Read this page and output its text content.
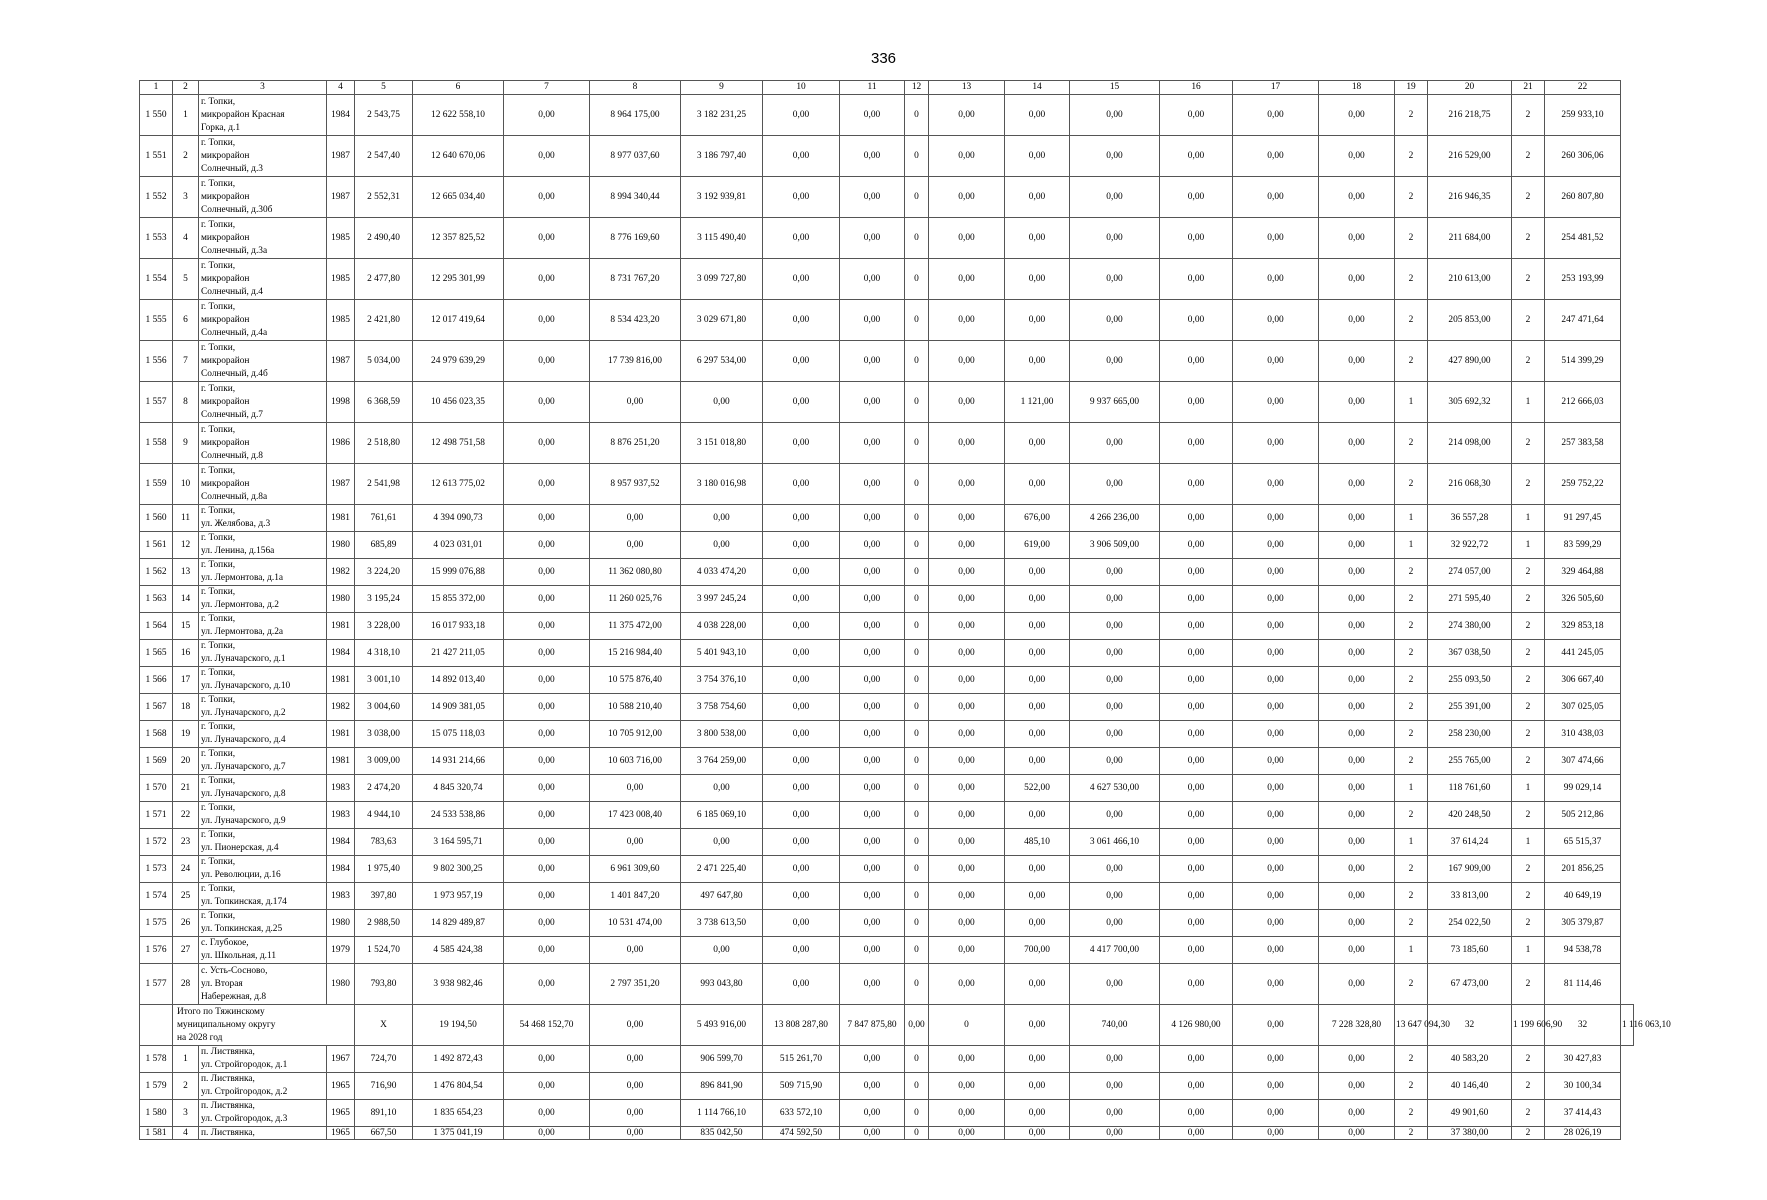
336
1	2	3	4	5	6	7	8	9	10	11	12	13	14	15	16	17	18	19	20	21	22	
1 550	1	г. Топки,
микрорайон Красная
Горка, д.1	1984	2 543,75	12 622 558,10	0,00	8 964 175,00	3 182 231,25	0,00	0,00	0	0,00	0,00	0,00	0,00	0,00	0,00	2	216 218,75	2	259 933,10	
1 551	2	г. Топки,
микрорайон
Солнечный, д.3	1987	2 547,40	12 640 670,06	0,00	8 977 037,60	3 186 797,40	0,00	0,00	0	0,00	0,00	0,00	0,00	0,00	0,00	2	216 529,00	2	260 306,06	
1 552	3	г. Топки,
микрорайон
Солнечный, д.30б	1987	2 552,31	12 665 034,40	0,00	8 994 340,44	3 192 939,81	0,00	0,00	0	0,00	0,00	0,00	0,00	0,00	0,00	2	216 946,35	2	260 807,80	
1 553	4	г. Топки,
микрорайон
Солнечный, д.3а	1985	2 490,40	12 357 825,52	0,00	8 776 169,60	3 115 490,40	0,00	0,00	0	0,00	0,00	0,00	0,00	0,00	0,00	2	211 684,00	2	254 481,52	
1 554	5	г. Топки,
микрорайон
Солнечный, д.4	1985	2 477,80	12 295 301,99	0,00	8 731 767,20	3 099 727,80	0,00	0,00	0	0,00	0,00	0,00	0,00	0,00	0,00	2	210 613,00	2	253 193,99	
1 555	6	г. Топки,
микрорайон
Солнечный, д.4а	1985	2 421,80	12 017 419,64	0,00	8 534 423,20	3 029 671,80	0,00	0,00	0	0,00	0,00	0,00	0,00	0,00	0,00	2	205 853,00	2	247 471,64	
1 556	7	г. Топки,
микрорайон
Солнечный, д.4б	1987	5 034,00	24 979 639,29	0,00	17 739 816,00	6 297 534,00	0,00	0,00	0	0,00	0,00	0,00	0,00	0,00	0,00	2	427 890,00	2	514 399,29	
1 557	8	г. Топки,
микрорайон
Солнечный, д.7	1998	6 368,59	10 456 023,35	0,00	0,00	0,00	0,00	0,00	0	0,00	1 121,00	9 937 665,00	0,00	0,00	0,00	1	305 692,32	1	212 666,03	
1 558	9	г. Топки,
микрорайон
Солнечный, д.8	1986	2 518,80	12 498 751,58	0,00	8 876 251,20	3 151 018,80	0,00	0,00	0	0,00	0,00	0,00	0,00	0,00	0,00	2	214 098,00	2	257 383,58	
1 559	10	г. Топки,
микрорайон
Солнечный, д.8а	1987	2 541,98	12 613 775,02	0,00	8 957 937,52	3 180 016,98	0,00	0,00	0	0,00	0,00	0,00	0,00	0,00	0,00	2	216 068,30	2	259 752,22	
1 560	11	г. Топки,
ул. Желябова, д.3	1981	761,61	4 394 090,73	0,00	0,00	0,00	0,00	0,00	0	0,00	676,00	4 266 236,00	0,00	0,00	0,00	1	36 557,28	1	91 297,45	
1 561	12	г. Топки,
ул. Ленина, д.156а	1980	685,89	4 023 031,01	0,00	0,00	0,00	0,00	0,00	0	0,00	619,00	3 906 509,00	0,00	0,00	0,00	1	32 922,72	1	83 599,29	
1 562	13	г. Топки,
ул. Лермонтова, д.1а	1982	3 224,20	15 999 076,88	0,00	11 362 080,80	4 033 474,20	0,00	0,00	0	0,00	0,00	0,00	0,00	0,00	0,00	2	274 057,00	2	329 464,88	
1 563	14	г. Топки,
ул. Лермонтова, д.2	1980	3 195,24	15 855 372,00	0,00	11 260 025,76	3 997 245,24	0,00	0,00	0	0,00	0,00	0,00	0,00	0,00	0,00	2	271 595,40	2	326 505,60	
1 564	15	г. Топки,
ул. Лермонтова, д.2а	1981	3 228,00	16 017 933,18	0,00	11 375 472,00	4 038 228,00	0,00	0,00	0	0,00	0,00	0,00	0,00	0,00	0,00	2	274 380,00	2	329 853,18	
1 565	16	г. Топки,
ул. Луначарского, д.1	1984	4 318,10	21 427 211,05	0,00	15 216 984,40	5 401 943,10	0,00	0,00	0	0,00	0,00	0,00	0,00	0,00	0,00	2	367 038,50	2	441 245,05	
1 566	17	г. Топки,
ул. Луначарского, д.10	1981	3 001,10	14 892 013,40	0,00	10 575 876,40	3 754 376,10	0,00	0,00	0	0,00	0,00	0,00	0,00	0,00	0,00	2	255 093,50	2	306 667,40	
1 567	18	г. Топки,
ул. Луначарского, д.2	1982	3 004,60	14 909 381,05	0,00	10 588 210,40	3 758 754,60	0,00	0,00	0	0,00	0,00	0,00	0,00	0,00	0,00	2	255 391,00	2	307 025,05	
1 568	19	г. Топки,
ул. Луначарского, д.4	1981	3 038,00	15 075 118,03	0,00	10 705 912,00	3 800 538,00	0,00	0,00	0	0,00	0,00	0,00	0,00	0,00	0,00	2	258 230,00	2	310 438,03	
1 569	20	г. Топки,
ул. Луначарского, д.7	1981	3 009,00	14 931 214,66	0,00	10 603 716,00	3 764 259,00	0,00	0,00	0	0,00	0,00	0,00	0,00	0,00	0,00	2	255 765,00	2	307 474,66	
1 570	21	г. Топки,
ул. Луначарского, д.8	1983	2 474,20	4 845 320,74	0,00	0,00	0,00	0,00	0,00	0	0,00	522,00	4 627 530,00	0,00	0,00	0,00	1	118 761,60	1	99 029,14	
1 571	22	г. Топки,
ул. Луначарского, д.9	1983	4 944,10	24 533 538,86	0,00	17 423 008,40	6 185 069,10	0,00	0,00	0	0,00	0,00	0,00	0,00	0,00	0,00	2	420 248,50	2	505 212,86	
1 572	23	г. Топки,
ул. Пионерская, д.4	1984	783,63	3 164 595,71	0,00	0,00	0,00	0,00	0,00	0	0,00	485,10	3 061 466,10	0,00	0,00	0,00	1	37 614,24	1	65 515,37	
1 573	24	г. Топки,
ул. Революции, д.16	1984	1 975,40	9 802 300,25	0,00	6 961 309,60	2 471 225,40	0,00	0,00	0	0,00	0,00	0,00	0,00	0,00	0,00	2	167 909,00	2	201 856,25	
1 574	25	г. Топки,
ул. Топкинская, д.174	1983	397,80	1 973 957,19	0,00	1 401 847,20	497 647,80	0,00	0,00	0	0,00	0,00	0,00	0,00	0,00	0,00	2	33 813,00	2	40 649,19	
1 575	26	г. Топки,
ул. Топкинская, д.25	1980	2 988,50	14 829 489,87	0,00	10 531 474,00	3 738 613,50	0,00	0,00	0	0,00	0,00	0,00	0,00	0,00	0,00	2	254 022,50	2	305 379,87	
1 576	27	с. Глубокое,
ул. Школьная, д.11	1979	1 524,70	4 585 424,38	0,00	0,00	0,00	0,00	0,00	0	0,00	700,00	4 417 700,00	0,00	0,00	0,00	1	73 185,60	1	94 538,78	
1 577	28	с. Усть-Сосново,
ул. Вторая
Набережная, д.8	1980	793,80	3 938 982,46	0,00	2 797 351,20	993 043,80	0,00	0,00	0	0,00	0,00	0,00	0,00	0,00	0,00	2	67 473,00	2	81 114,46	
	Итого по Тяжинскому
муниципальному округу
на 2028 год			X	19 194,50	54 468 152,70	0,00	5 493 916,00	13 808 287,80	7 847 875,80	0,00	0	0,00	740,00	4 126 980,00	0,00	7 228 328,80	13 647 094,30	32	1 199 606,90	32	1 116 063,10
1 578	1	п. Листвянка,
ул. Стройгородок, д.1	1967	724,70	1 492 872,43	0,00	0,00	906 599,70	515 261,70	0,00	0	0,00	0,00	0,00	0,00	0,00	0,00	2	40 583,20	2	30 427,83	
1 579	2	п. Листвянка,
ул. Стройгородок, д.2	1965	716,90	1 476 804,54	0,00	0,00	896 841,90	509 715,90	0,00	0	0,00	0,00	0,00	0,00	0,00	0,00	2	40 146,40	2	30 100,34	
1 580	3	п. Листвянка,
ул. Стройгородок, д.3	1965	891,10	1 835 654,23	0,00	0,00	1 114 766,10	633 572,10	0,00	0	0,00	0,00	0,00	0,00	0,00	0,00	2	49 901,60	2	37 414,43	
1 581	4	п. Листвянка,	1965	667,50	1 375 041,19	0,00	0,00	835 042,50	474 592,50	0,00	0	0,00	0,00	0,00	0,00	0,00	0,00	2	37 380,00	2	28 026,19	
